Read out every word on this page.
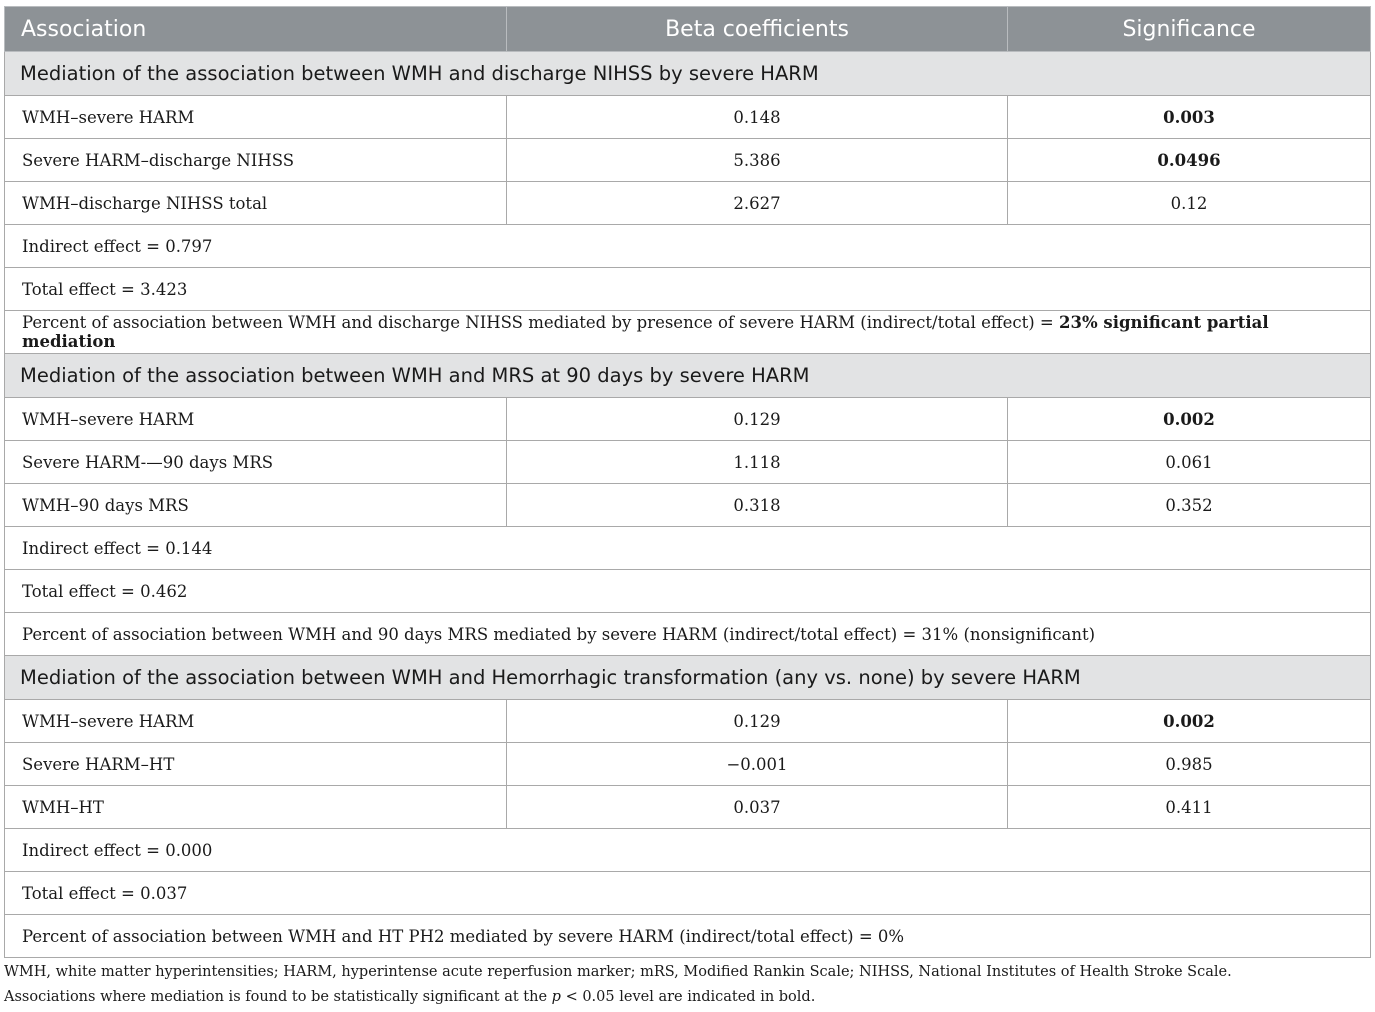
Association	Beta coefficients	Significance
Mediation of the association between WMH and discharge NIHSS by severe HARM		
WMH–severe HARM	0.148	0.003
Severe HARM–discharge NIHSS	5.386	0.0496
WMH–discharge NIHSS total	2.627	0.12
Indirect effect = 0.797		
Total effect = 3.423		
Percent of association between WMH and discharge NIHSS mediated by presence of severe HARM (indirect/total effect) = 23% significant partial mediation		
Mediation of the association between WMH and MRS at 90 days by severe HARM		
WMH–severe HARM	0.129	0.002
Severe HARM-—90 days MRS	1.118	0.061
WMH–90 days MRS	0.318	0.352
Indirect effect = 0.144		
Total effect = 0.462		
Percent of association between WMH and 90 days MRS mediated by severe HARM (indirect/total effect) = 31% (nonsignificant)		
Mediation of the association between WMH and Hemorrhagic transformation (any vs. none) by severe HARM		
WMH–severe HARM	0.129	0.002
Severe HARM–HT	−0.001	0.985
WMH–HT	0.037	0.411
Indirect effect = 0.000		
Total effect = 0.037		
Percent of association between WMH and HT PH2 mediated by severe HARM (indirect/total effect) = 0%		
WMH, white matter hyperintensities; HARM, hyperintense acute reperfusion marker; mRS, Modified Rankin Scale; NIHSS, National Institutes of Health Stroke Scale.
Associations where mediation is found to be statistically significant at the p < 0.05 level are indicated in bold.
